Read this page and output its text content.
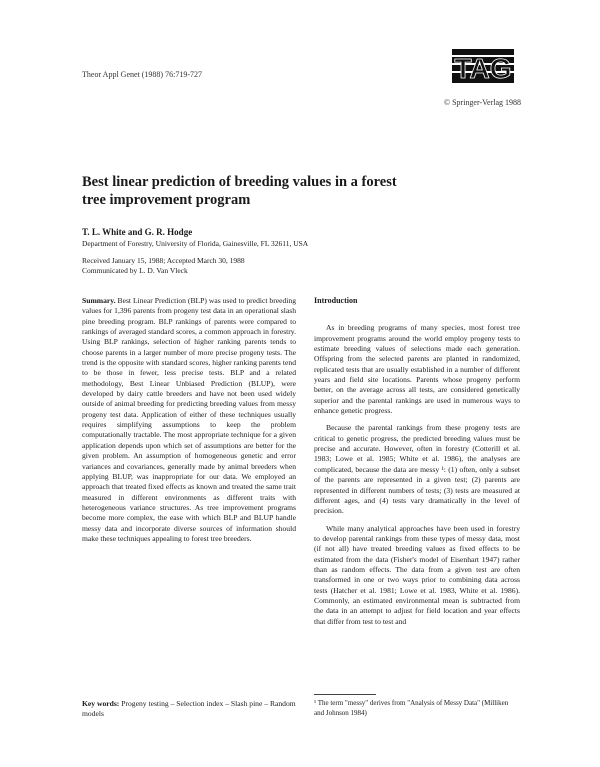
Theor Appl Genet (1988) 76:719-727	TAG
© Springer-Verlag 1988
Best linear prediction of breeding values in a forest tree improvement program
T. L. White and G. R. Hodge
Department of Forestry, University of Florida, Gainesville, FL 32611, USA
Received January 15, 1988; Accepted March 30, 1988
Communicated by L. D. Van Vleck

Summary. Best Linear Prediction (BLP) was used to predict breeding values for 1,396 parents from progeny test data in an operational slash pine breeding program. BLP rankings of parents were compared to rankings of averaged standard scores, a common approach in forestry. Using BLP rankings, selection of higher ranking parents tends to choose parents in a larger number of more precise progeny tests. The trend is the opposite with standard scores, higher ranking parents tend to be those in fewer, less precise tests. BLP and a related methodology, Best Linear Unbiased Prediction (BLUP), were developed by dairy cattle breeders and have not been used widely outside of animal breeding for predicting breeding values from messy progeny test data. Application of either of these techniques usually requires simplifying assumptions to keep the problem computationally tractable. The most appropriate technique for a given application depends upon which set of assumptions are better for the given problem. An assumption of homogeneous genetic and error variances and covariances, generally made by animal breeders when applying BLUP, was inappropriate for our data. We employed an approach that treated fixed effects as known and treated the same trait measured in different environments as different traits with heterogeneous variance structures. As tree improvement programs become more complex, the ease with which BLP and BLUP handle messy data and incorporate diverse sources of information should make these techniques appealing to forest tree breeders.

Key words: Progeny testing – Selection index – Slash pine – Random models

Introduction

As in breeding programs of many species, most forest tree improvement programs around the world employ progeny tests to estimate breeding values of selections made each generation. Offspring from the selected parents are planted in randomized, replicated tests that are usually established in a number of different years and field site locations. Parents whose progeny perform better, on the average across all tests, are considered genetically superior and the parental rankings are used in numerous ways to enhance genetic progress.

Because the parental rankings from these progeny tests are critical to genetic progress, the predicted breeding values must be precise and accurate. However, often in forestry (Cotterill et al. 1983; Lowe et al. 1985; White et al. 1986), the analyses are complicated, because the data are messy ¹: (1) often, only a subset of the parents are represented in a given test; (2) parents are represented in different numbers of tests; (3) tests are measured at different ages, and (4) tests vary dramatically in the level of precision.

While many analytical approaches have been used in forestry to develop parental rankings from these types of messy data, most (if not all) have treated breeding values as fixed effects to be estimated from the data (Fisher's model of Eisenhart 1947) rather than as random effects. The data from a given test are often transformed in one or two ways prior to combining data across tests (Hatcher et al. 1981; Lowe et al. 1983, White et al. 1986). Commonly, an estimated environmental mean is subtracted from the data in an attempt to adjust for field location and year effects that differ from test to test and

¹ The term "messy" derives from "Analysis of Messy Data" (Milliken and Johnson 1984)
